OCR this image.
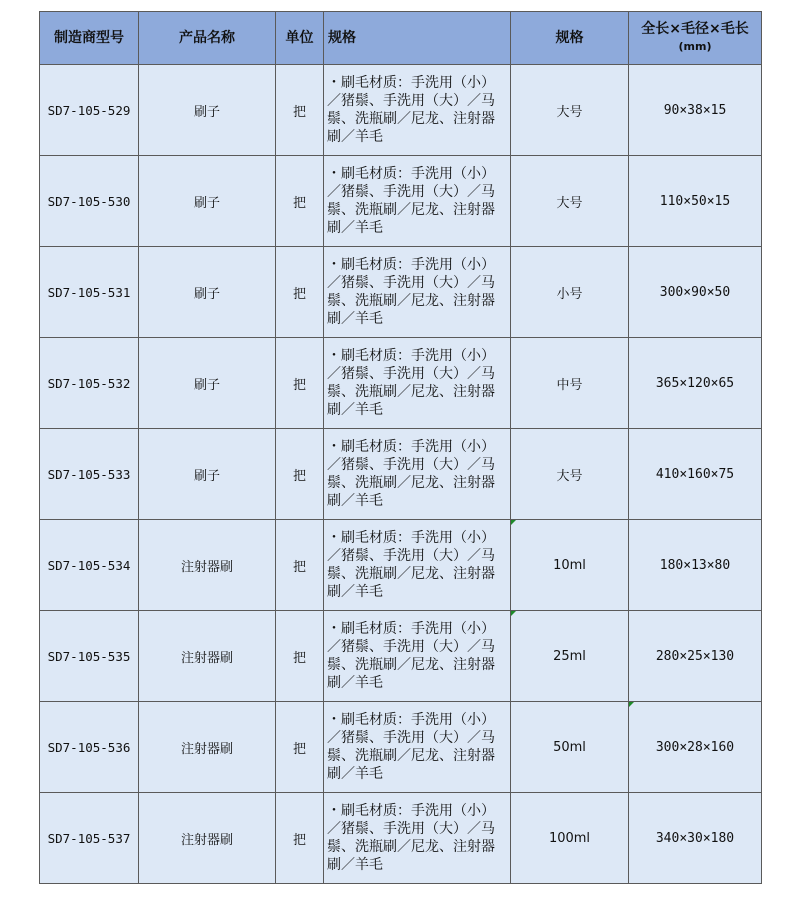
制造商型号	产品名称	单位	规格	规格	全长×毛径×毛长
(mm)

SD7-105-529	刷子	把	・刷毛材质：手洗用（小）／猪鬃、手洗用（大）／马鬃、洗瓶刷／尼龙、注射器刷／羊毛	大号	90×38×15
SD7-105-530	刷子	把	・刷毛材质：手洗用（小）／猪鬃、手洗用（大）／马鬃、洗瓶刷／尼龙、注射器刷／羊毛	大号	110×50×15
SD7-105-531	刷子	把	・刷毛材质：手洗用（小）／猪鬃、手洗用（大）／马鬃、洗瓶刷／尼龙、注射器刷／羊毛	小号	300×90×50
SD7-105-532	刷子	把	・刷毛材质：手洗用（小）／猪鬃、手洗用（大）／马鬃、洗瓶刷／尼龙、注射器刷／羊毛	中号	365×120×65
SD7-105-533	刷子	把	・刷毛材质：手洗用（小）／猪鬃、手洗用（大）／马鬃、洗瓶刷／尼龙、注射器刷／羊毛	大号	410×160×75
SD7-105-534	注射器刷	把	・刷毛材质：手洗用（小）／猪鬃、手洗用（大）／马鬃、洗瓶刷／尼龙、注射器刷／羊毛	10ml	180×13×80
SD7-105-535	注射器刷	把	・刷毛材质：手洗用（小）／猪鬃、手洗用（大）／马鬃、洗瓶刷／尼龙、注射器刷／羊毛	25ml	280×25×130
SD7-105-536	注射器刷	把	・刷毛材质：手洗用（小）／猪鬃、手洗用（大）／马鬃、洗瓶刷／尼龙、注射器刷／羊毛	50ml	300×28×160
SD7-105-537	注射器刷	把	・刷毛材质：手洗用（小）／猪鬃、手洗用（大）／马鬃、洗瓶刷／尼龙、注射器刷／羊毛	100ml	340×30×180
